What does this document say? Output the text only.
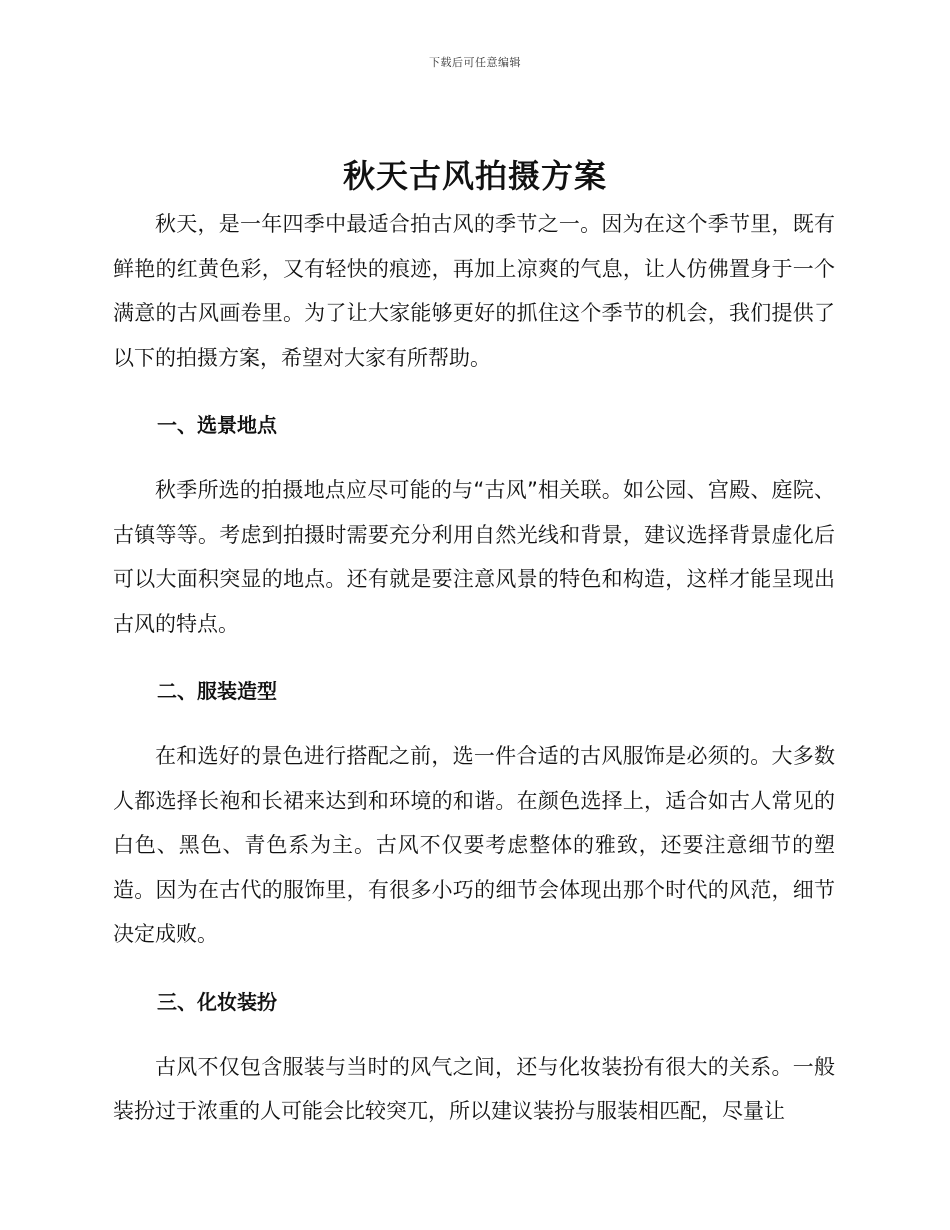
下载后可任意编辑
秋天古风拍摄方案

秋天，是一年四季中最适合拍古风的季节之一。因为在这个季节里，既有鲜艳的红黄色彩，又有轻快的痕迹，再加上凉爽的气息，让人仿佛置身于一个满意的古风画卷里。为了让大家能够更好的抓住这个季节的机会，我们提供了以下的拍摄方案，希望对大家有所帮助。

一、选景地点

秋季所选的拍摄地点应尽可能的与“古风”相关联。如公园、宫殿、庭院、古镇等等。考虑到拍摄时需要充分利用自然光线和背景，建议选择背景虚化后可以大面积突显的地点。还有就是要注意风景的特色和构造，这样才能呈现出古风的特点。

二、服装造型

在和选好的景色进行搭配之前，选一件合适的古风服饰是必须的。大多数人都选择长袍和长裙来达到和环境的和谐。在颜色选择上，适合如古人常见的白色、黑色、青色系为主。古风不仅要考虑整体的雅致，还要注意细节的塑造。因为在古代的服饰里，有很多小巧的细节会体现出那个时代的风范，细节决定成败。

三、化妆装扮

古风不仅包含服装与当时的风气之间，还与化妆装扮有很大的关系。一般装扮过于浓重的人可能会比较突兀，所以建议装扮与服装相匹配，尽量让
